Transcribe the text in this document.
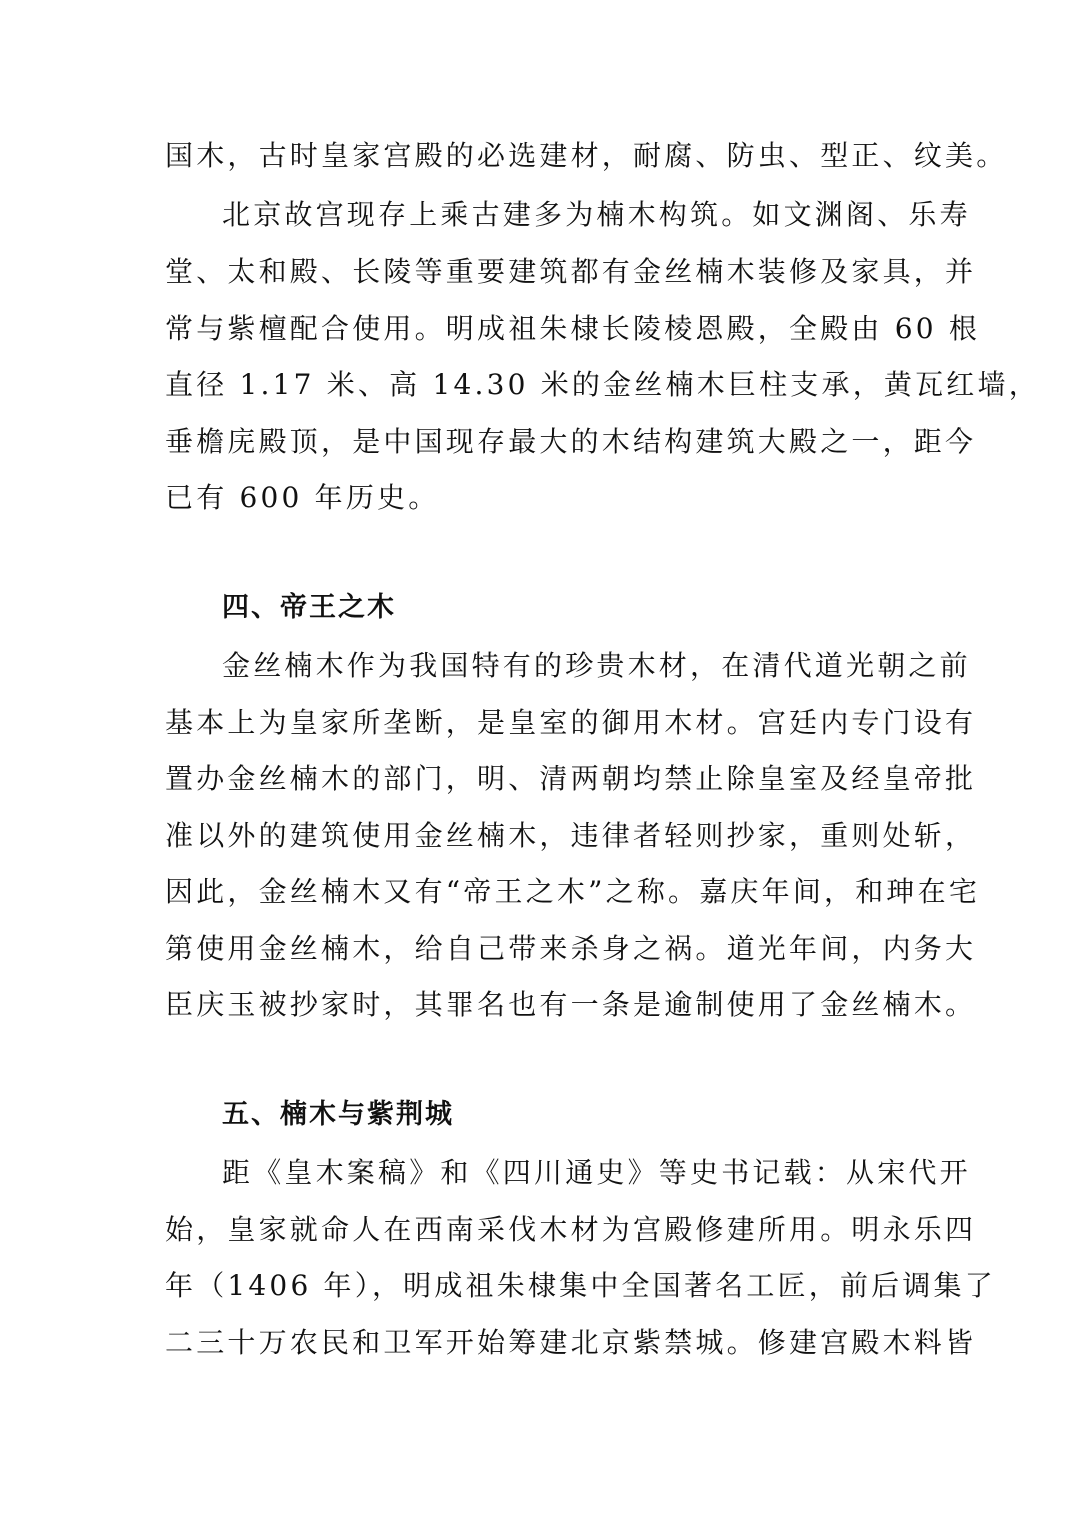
国木，古时皇家宫殿的必选建材，耐腐、防虫、型正、纹美。
北京故宫现存上乘古建多为楠木构筑。如文渊阁、乐寿
堂、太和殿、长陵等重要建筑都有金丝楠木装修及家具，并
常与紫檀配合使用。明成祖朱棣长陵棱恩殿，全殿由 60 根
直径 1.17 米、高 14.30 米的金丝楠木巨柱支承，黄瓦红墙，
垂檐庑殿顶，是中国现存最大的木结构建筑大殿之一，距今
已有 600 年历史。
四、帝王之木
金丝楠木作为我国特有的珍贵木材，在清代道光朝之前
基本上为皇家所垄断，是皇室的御用木材。宫廷内专门设有
置办金丝楠木的部门，明、清两朝均禁止除皇室及经皇帝批
准以外的建筑使用金丝楠木，违律者轻则抄家，重则处斩，
因此，金丝楠木又有“帝王之木”之称。嘉庆年间，和珅在宅
第使用金丝楠木，给自己带来杀身之祸。道光年间，内务大
臣庆玉被抄家时，其罪名也有一条是逾制使用了金丝楠木。
五、楠木与紫荆城
距《皇木案稿》和《四川通史》等史书记载：从宋代开
始，皇家就命人在西南采伐木材为宫殿修建所用。明永乐四
年（1406 年），明成祖朱棣集中全国著名工匠，前后调集了
二三十万农民和卫军开始筹建北京紫禁城。修建宫殿木料皆
